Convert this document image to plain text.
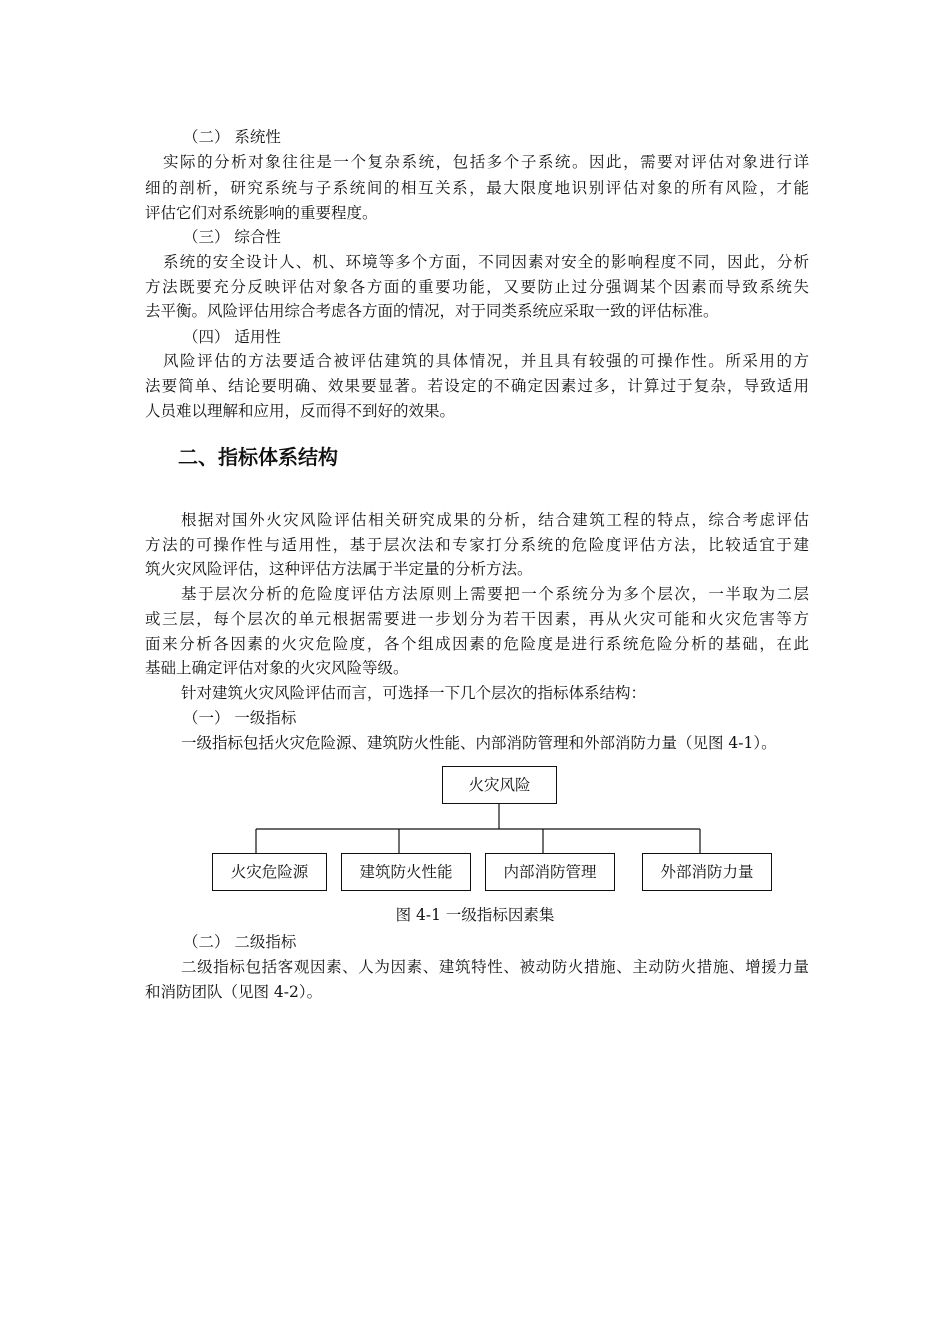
（二） 系统性
实际的分析对象往往是一个复杂系统，包括多个子系统。因此，需要对评估对象进行详
细的剖析，研究系统与子系统间的相互关系，最大限度地识别评估对象的所有风险，才能
评估它们对系统影响的重要程度。
（三） 综合性
系统的安全设计人、机、环境等多个方面，不同因素对安全的影响程度不同，因此，分析
方法既要充分反映评估对象各方面的重要功能，又要防止过分强调某个因素而导致系统失
去平衡。风险评估用综合考虑各方面的情况，对于同类系统应采取一致的评估标准。
（四） 适用性
风险评估的方法要适合被评估建筑的具体情况，并且具有较强的可操作性。所采用的方
法要简单、结论要明确、效果要显著。若设定的不确定因素过多，计算过于复杂，导致适用
人员难以理解和应用，反而得不到好的效果。
二、指标体系结构
根据对国外火灾风险评估相关研究成果的分析，结合建筑工程的特点，综合考虑评估
方法的可操作性与适用性，基于层次法和专家打分系统的危险度评估方法，比较适宜于建
筑火灾风险评估，这种评估方法属于半定量的分析方法。
基于层次分析的危险度评估方法原则上需要把一个系统分为多个层次，一半取为二层
或三层，每个层次的单元根据需要进一步划分为若干因素，再从火灾可能和火灾危害等方
面来分析各因素的火灾危险度，各个组成因素的危险度是进行系统危险分析的基础，在此
基础上确定评估对象的火灾风险等级。
针对建筑火灾风险评估而言，可选择一下几个层次的指标体系结构：
（一） 一级指标
一级指标包括火灾危险源、建筑防火性能、内部消防管理和外部消防力量（见图 4-1）。
火灾风险
火灾危险源	建筑防火性能	内部消防管理	外部消防力量
图 4-1 一级指标因素集
（二） 二级指标
二级指标包括客观因素、人为因素、建筑特性、被动防火措施、主动防火措施、增援力量
和消防团队（见图 4-2）。
